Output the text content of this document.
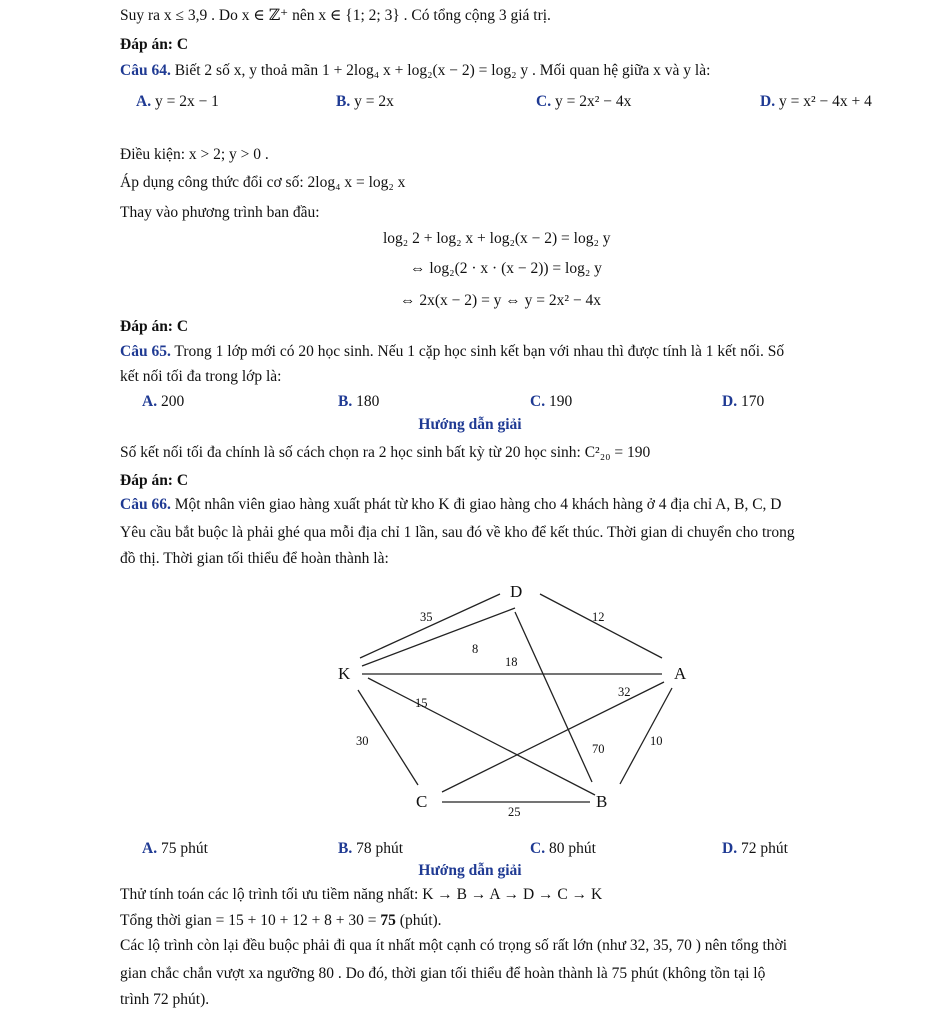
Suy ra x ≤ 3,9 . Do x ∈ ℤ⁺ nên x ∈ {1; 2; 3} . Có tổng cộng 3 giá trị.
Đáp án: C
Câu 64. Biết 2 số x, y thoả mãn 1 + 2log₄ x + log₂(x − 2) = log₂ y . Mối quan hệ giữa x và y là:
A. y = 2x − 1	B. y = 2x	C. y = 2x² − 4x	D. y = x² − 4x + 4
Điều kiện: x > 2; y > 0 .
Áp dụng công thức đổi cơ số: 2log₄ x = log₂ x
Thay vào phương trình ban đầu:
log₂ 2 + log₂ x + log₂(x − 2) = log₂ y
⇔ log₂(2 · x · (x − 2)) = log₂ y
⇔ 2x(x − 2) = y ⇔ y = 2x² − 4x
Đáp án: C
Câu 65. Trong 1 lớp mới có 20 học sinh. Nếu 1 cặp học sinh kết bạn với nhau thì được tính là 1 kết nối. Số
kết nối tối đa trong lớp là:
A. 200	B. 180	C. 190	D. 170
Hướng dẫn giải
Số kết nối tối đa chính là số cách chọn ra 2 học sinh bất kỳ từ 20 học sinh: C²₂₀ = 190
Đáp án: C
Câu 66. Một nhân viên giao hàng xuất phát từ kho K đi giao hàng cho 4 khách hàng ở 4 địa chỉ A, B, C, D
Yêu cầu bắt buộc là phải ghé qua mỗi địa chỉ 1 lần, sau đó về kho để kết thúc. Thời gian di chuyển cho trong
đồ thị. Thời gian tối thiểu để hoàn thành là:
D
K	A
C	B
35	12
8
18
15
32
30
70
10
25
A. 75 phút	B. 78 phút	C. 80 phút	D. 72 phút
Hướng dẫn giải
Thử tính toán các lộ trình tối ưu tiềm năng nhất: K → B → A → D → C → K
Tổng thời gian = 15 + 10 + 12 + 8 + 30 = 75 (phút).
Các lộ trình còn lại đều buộc phải đi qua ít nhất một cạnh có trọng số rất lớn (như 32, 35, 70 ) nên tổng thời
gian chắc chắn vượt xa ngưỡng 80 . Do đó, thời gian tối thiểu để hoàn thành là 75 phút (không tồn tại lộ
trình 72 phút).
